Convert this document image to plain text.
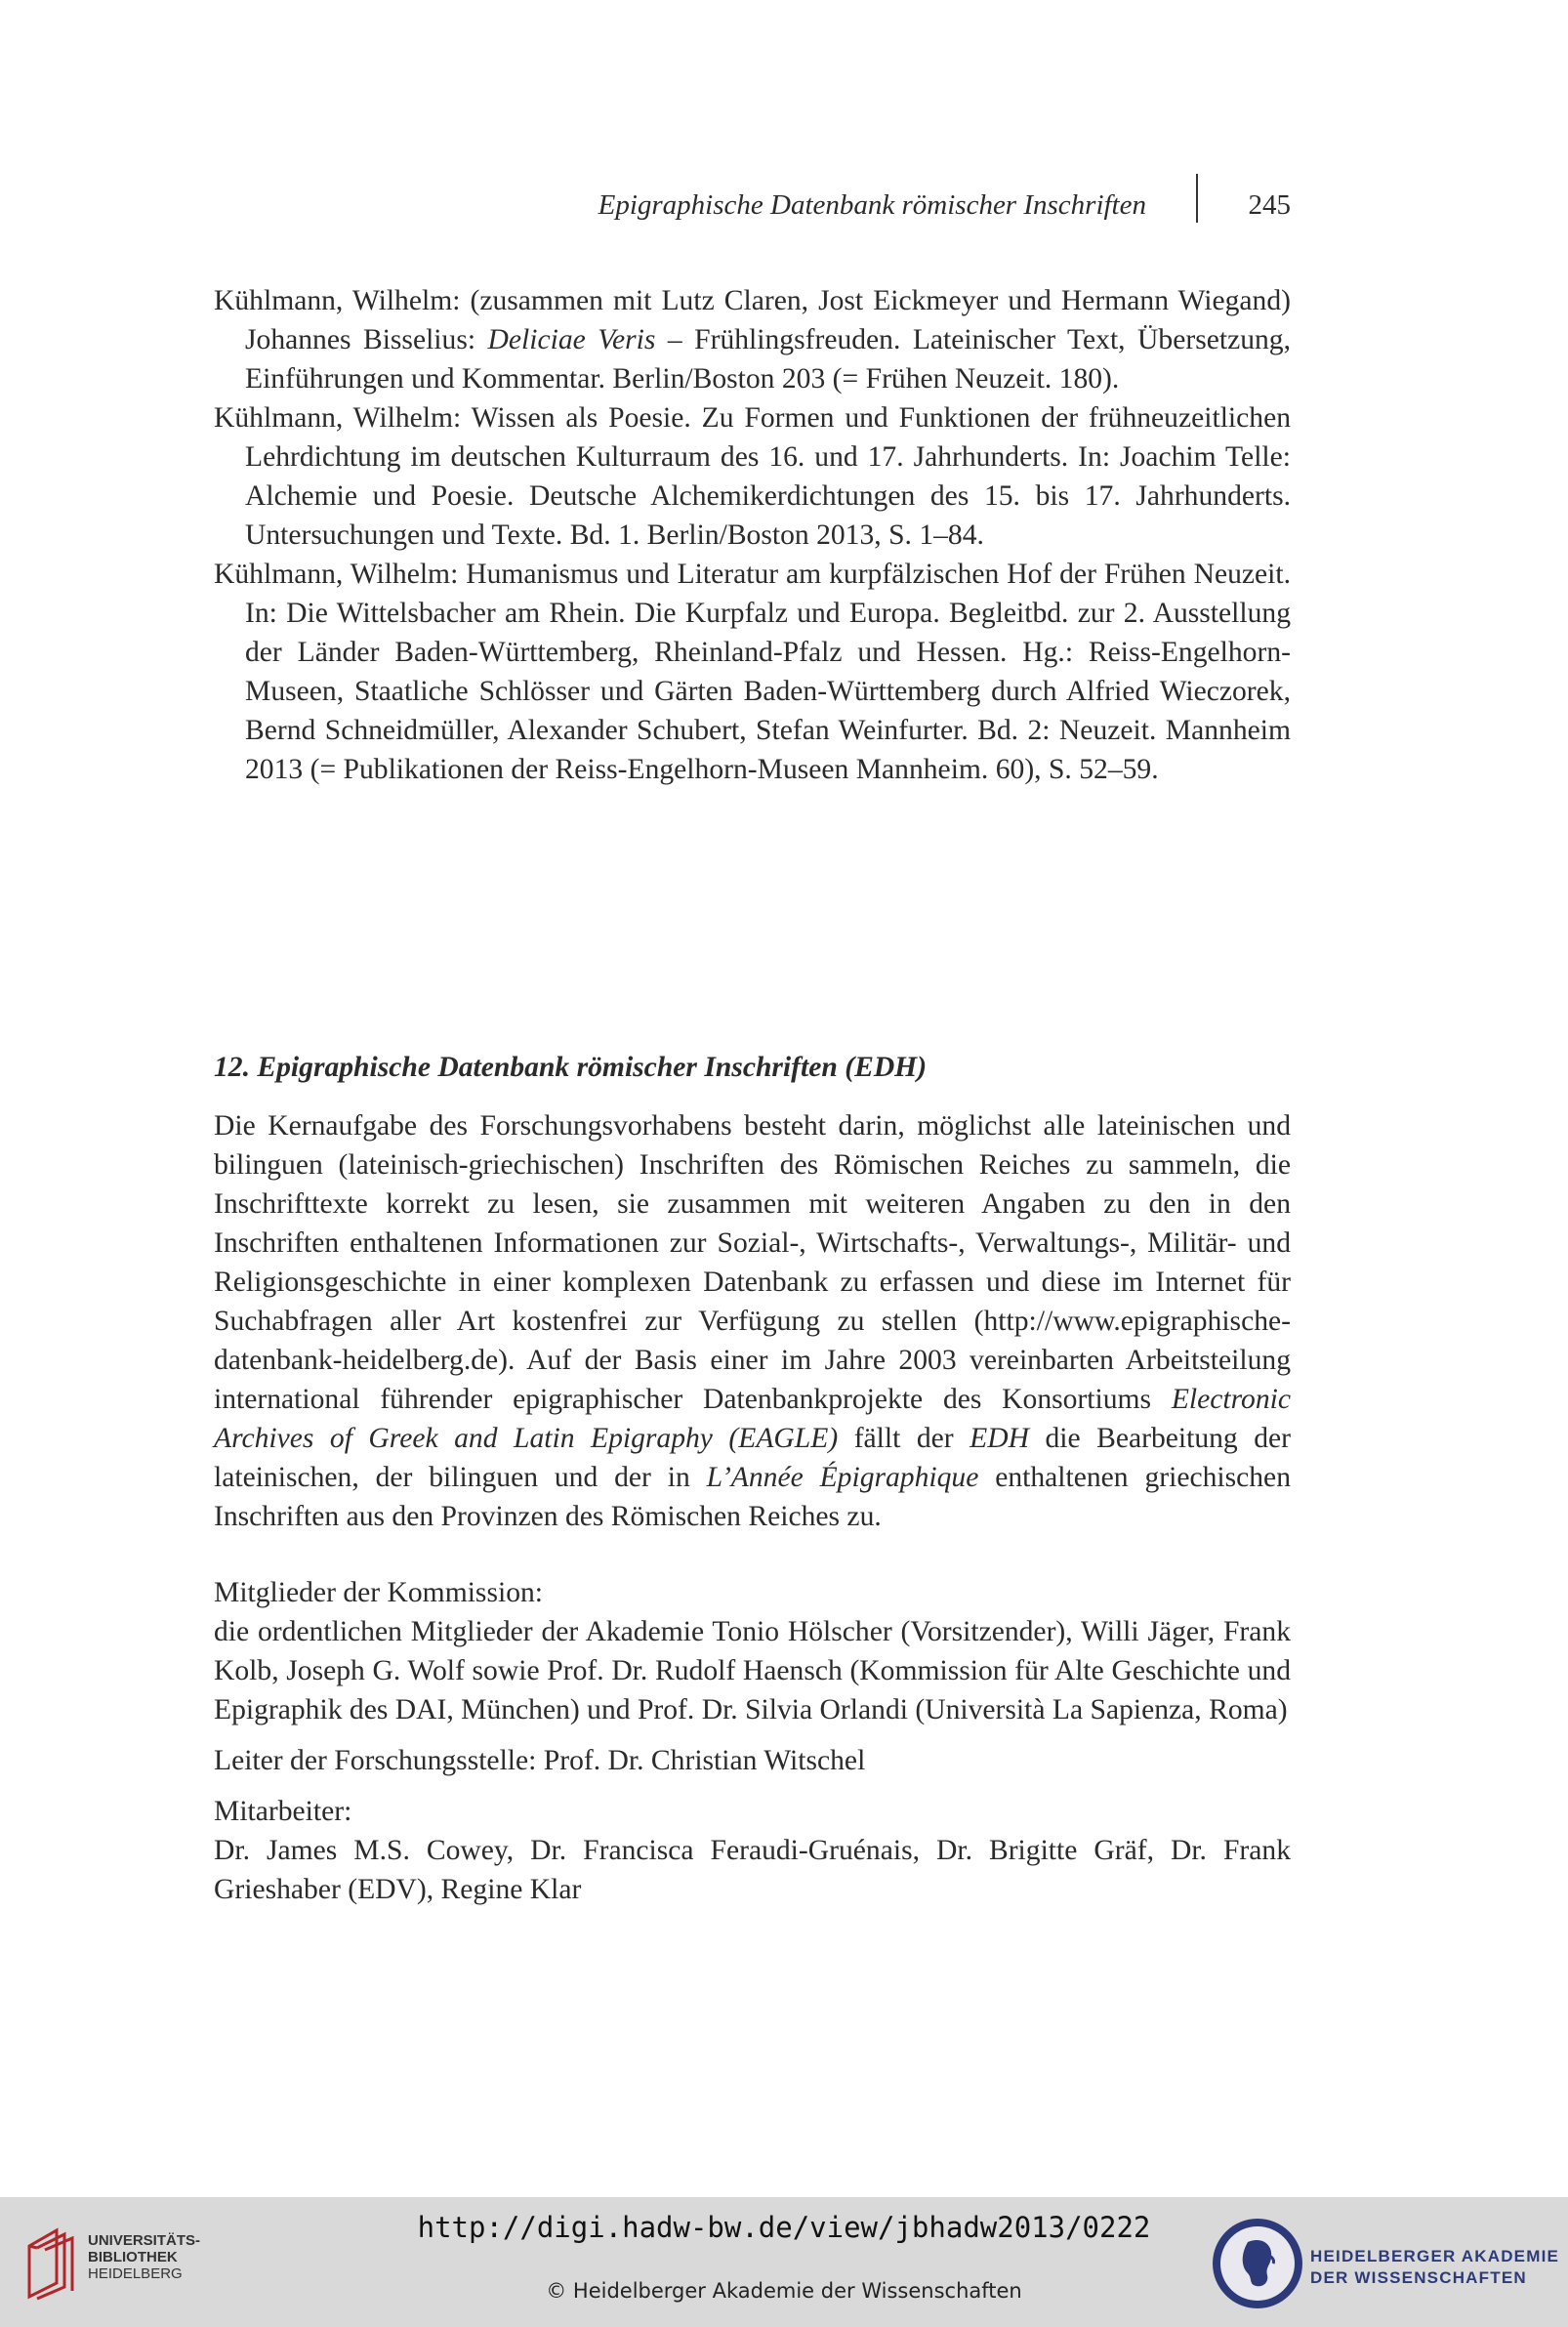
Epigraphische Datenbank römischer Inschriften	245

Kühlmann, Wilhelm: (zusammen mit Lutz Claren, Jost Eickmeyer und Hermann Wiegand) Johannes Bisselius: Deliciae Veris – Frühlingsfreuden. Lateinischer Text, Übersetzung, Einführungen und Kommentar. Berlin/Boston 203 (= Frühen Neuzeit. 180).

Kühlmann, Wilhelm: Wissen als Poesie. Zu Formen und Funktionen der frühneuzeitlichen Lehrdichtung im deutschen Kulturraum des 16. und 17. Jahrhunderts. In: Joachim Telle: Alchemie und Poesie. Deutsche Alchemikerdichtungen des 15. bis 17. Jahrhunderts. Untersuchungen und Texte. Bd. 1. Berlin/Boston 2013, S. 1–84.

Kühlmann, Wilhelm: Humanismus und Literatur am kurpfälzischen Hof der Frühen Neuzeit. In: Die Wittelsbacher am Rhein. Die Kurpfalz und Europa. Begleitbd. zur 2. Ausstellung der Länder Baden-Württemberg, Rheinland-Pfalz und Hessen. Hg.: Reiss-Engelhorn-Museen, Staatliche Schlösser und Gärten Baden-Württemberg durch Alfried Wieczorek, Bernd Schneidmüller, Alexander Schubert, Stefan Weinfurter. Bd. 2: Neuzeit. Mannheim 2013 (= Publikationen der Reiss-Engelhorn-Museen Mannheim. 60), S. 52–59.

12. Epigraphische Datenbank römischer Inschriften (EDH)

Die Kernaufgabe des Forschungsvorhabens besteht darin, möglichst alle lateinischen und bilinguen (lateinisch-griechischen) Inschriften des Römischen Reiches zu sammeln, die Inschrifttexte korrekt zu lesen, sie zusammen mit weiteren Angaben zu den in den Inschriften enthaltenen Informationen zur Sozial-, Wirtschafts-, Verwaltungs-, Militär- und Religionsgeschichte in einer komplexen Datenbank zu erfassen und diese im Internet für Suchabfragen aller Art kostenfrei zur Verfügung zu stellen (http://www.epigraphische-datenbank-heidelberg.de). Auf der Basis einer im Jahre 2003 vereinbarten Arbeitsteilung international führender epigraphischer Datenbankprojekte des Konsortiums Electronic Archives of Greek and Latin Epigraphy (EAGLE) fällt der EDH die Bearbeitung der lateinischen, der bilinguen und der in L’Année Épigraphique enthaltenen griechischen Inschriften aus den Provinzen des Römischen Reiches zu.

Mitglieder der Kommission:

die ordentlichen Mitglieder der Akademie Tonio Hölscher (Vorsitzender), Willi Jäger, Frank Kolb, Joseph G. Wolf sowie Prof. Dr. Rudolf Haensch (Kommission für Alte Geschichte und Epigraphik des DAI, München) und Prof. Dr. Silvia Orlandi (Università La Sapienza, Roma)

Leiter der Forschungsstelle: Prof. Dr. Christian Witschel

Mitarbeiter:

Dr. James M.S. Cowey, Dr. Francisca Feraudi-Gruénais, Dr. Brigitte Gräf, Dr. Frank Grieshaber (EDV), Regine Klar

UNIVERSITÄTS-
BIBLIOTHEK
HEIDELBERG
http://digi.hadw-bw.de/view/jbhadw2013/0222
© Heidelberger Akademie der Wissenschaften
HEIDELBERGER AKADEMIE
DER WISSENSCHAFTEN
